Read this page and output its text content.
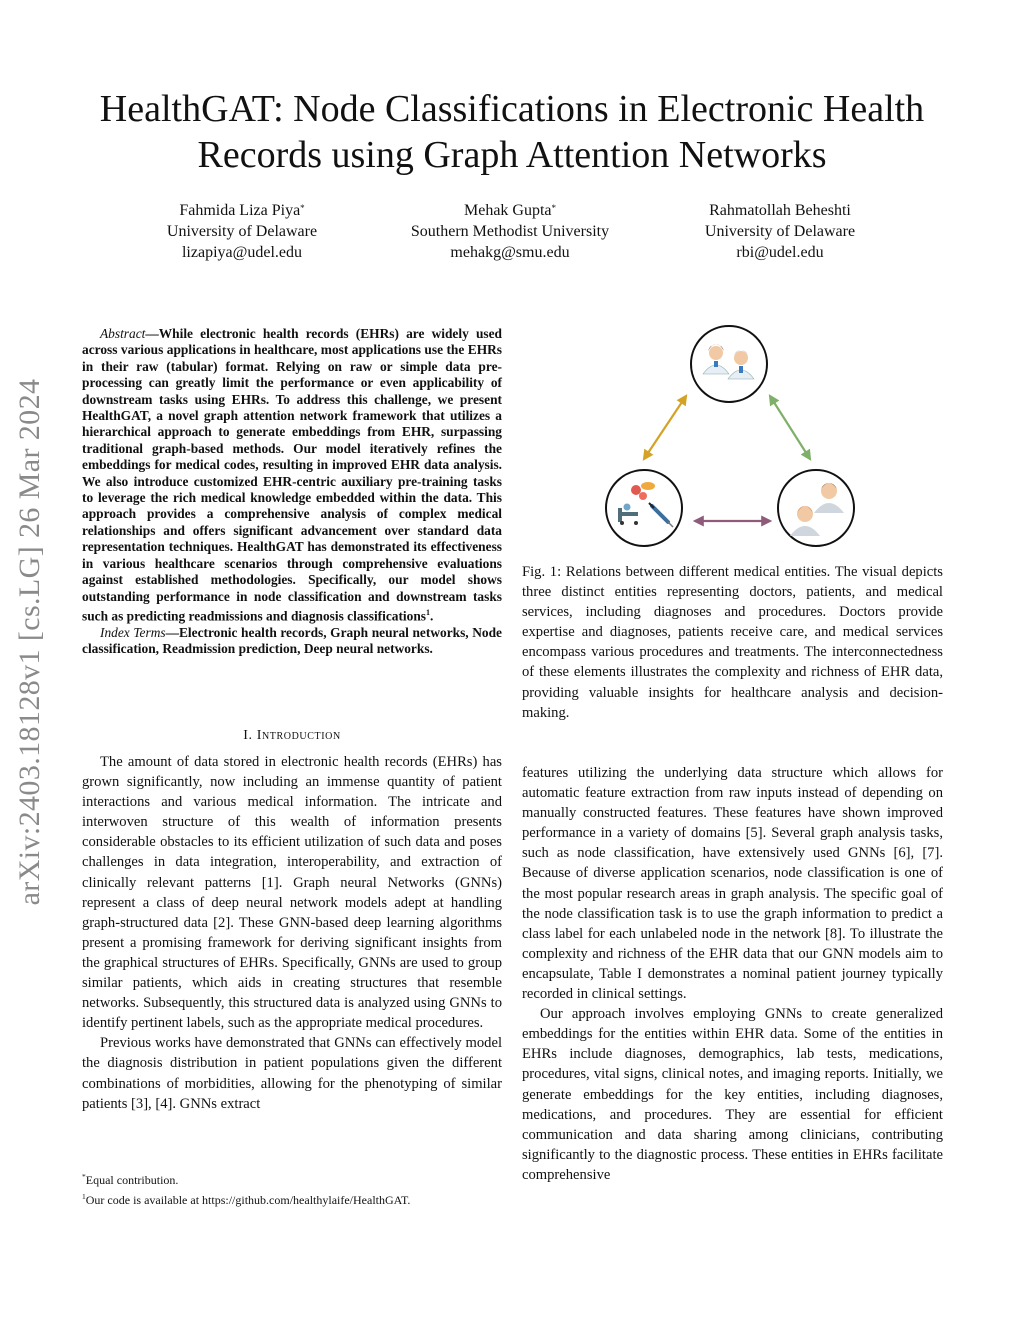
arXiv:2403.18128v1 [cs.LG] 26 Mar 2024
HealthGAT: Node Classifications in Electronic Health Records using Graph Attention Networks
Fahmida Liza Piya*
University of Delaware
lizapiya@udel.edu
Mehak Gupta*
Southern Methodist University
mehakg@smu.edu
Rahmatollah Beheshti
University of Delaware
rbi@udel.edu

Abstract—While electronic health records (EHRs) are widely used across various applications in healthcare, most applications use the EHRs in their raw (tabular) format. Relying on raw or simple data pre-processing can greatly limit the performance or even applicability of downstream tasks using EHRs. To address this challenge, we present HealthGAT, a novel graph attention network framework that utilizes a hierarchical approach to generate embeddings from EHR, surpassing traditional graph-based methods. Our model iteratively refines the embeddings for medical codes, resulting in improved EHR data analysis. We also introduce customized EHR-centric auxiliary pre-training tasks to leverage the rich medical knowledge embedded within the data. This approach provides a comprehensive analysis of complex medical relationships and offers significant advancement over standard data representation techniques. HealthGAT has demonstrated its effectiveness in various healthcare scenarios through comprehensive evaluations against established methodologies. Specifically, our model shows outstanding performance in node classification and downstream tasks such as predicting readmissions and diagnosis classifications$^1$.

Index Terms—Electronic health records, Graph neural networks, Node classification, Readmission prediction, Deep neural networks.

I. Introduction

The amount of data stored in electronic health records (EHRs) has grown significantly, now including an immense quantity of patient interactions and various medical information. The intricate and interwoven structure of this wealth of information presents considerable obstacles to its efficient utilization of such data and poses challenges in data integration, interoperability, and extraction of clinically relevant patterns [1]. Graph neural Networks (GNNs) represent a class of deep neural network models adept at handling graph-structured data [2]. These GNN-based deep learning algorithms present a promising framework for deriving significant insights from the graphical structures of EHRs. Specifically, GNNs are used to group similar patients, which aids in creating structures that resemble networks. Subsequently, this structured data is analyzed using GNNs to identify pertinent labels, such as the appropriate medical procedures.

Previous works have demonstrated that GNNs can effectively model the diagnosis distribution in patient populations given the different combinations of morbidities, allowing for the phenotyping of similar patients [3], [4]. GNNs extract

*Equal contribution.
$^1$Our code is available at https://github.com/healthylaife/HealthGAT.
Fig. 1: Relations between different medical entities. The visual depicts three distinct entities representing doctors, patients, and medical services, including diagnoses and procedures. Doctors provide expertise and diagnoses, patients receive care, and medical services encompass various procedures and treatments. The interconnectedness of these elements illustrates the complexity and richness of EHR data, providing valuable insights for healthcare analysis and decision-making.

features utilizing the underlying data structure which allows for automatic feature extraction from raw inputs instead of depending on manually constructed features. These features have shown improved performance in a variety of domains [5]. Several graph analysis tasks, such as node classification, have extensively used GNNs [6], [7]. Because of diverse application scenarios, node classification is one of the most popular research areas in graph analysis. The specific goal of the node classification task is to use the graph information to predict a class label for each unlabeled node in the network [8]. To illustrate the complexity and richness of the EHR data that our GNN models aim to encapsulate, Table I demonstrates a nominal patient journey typically recorded in clinical settings.

Our approach involves employing GNNs to create generalized embeddings for the entities within EHR data. Some of the entities in EHRs include diagnoses, demographics, lab tests, medications, procedures, vital signs, clinical notes, and imaging reports. Initially, we generate embeddings for the key entities, including diagnoses, medications, and procedures. They are essential for efficient communication and data sharing among clinicians, contributing significantly to the diagnostic process. These entities in EHRs facilitate comprehensive
